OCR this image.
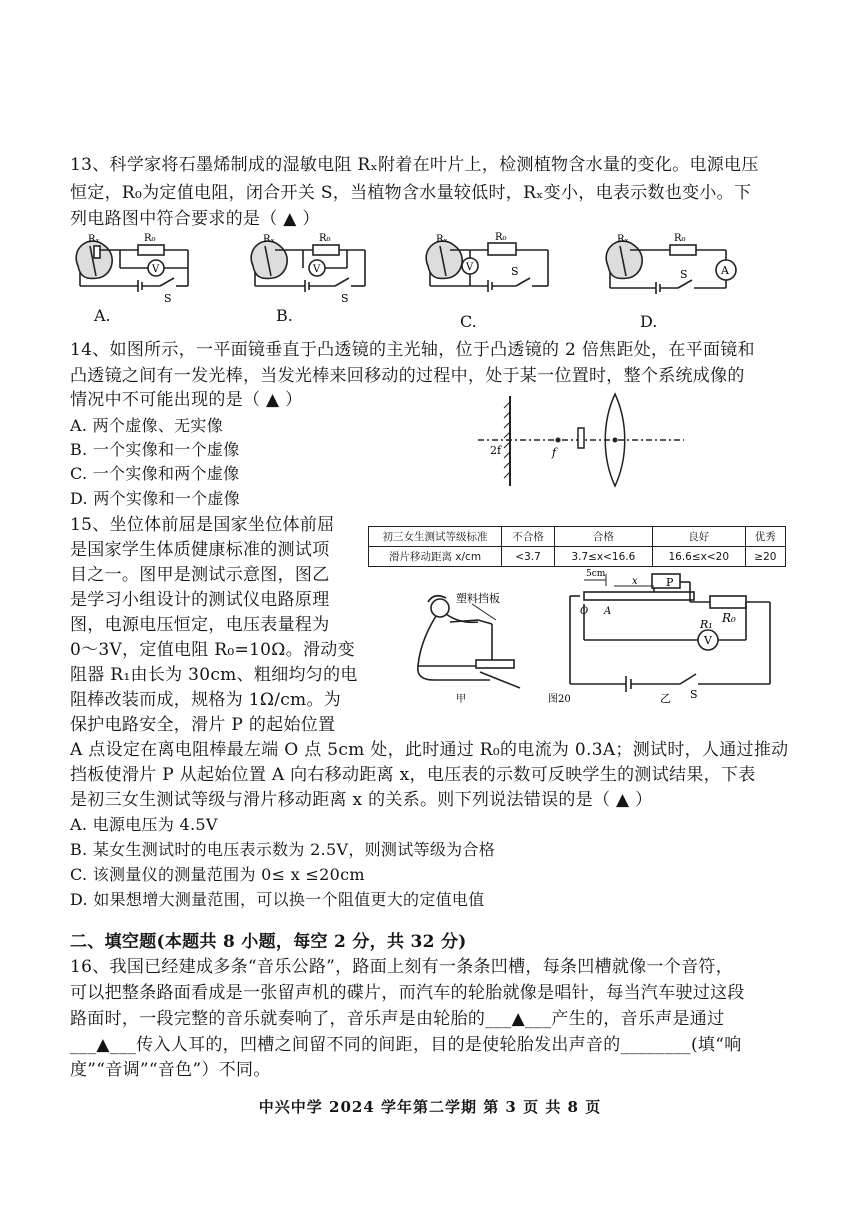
13、科学家将石墨烯制成的湿敏电阻 Rₓ附着在叶片上，检测植物含水量的变化。电源电压
恒定，R₀为定值电阻，闭合开关 S，当植物含水量较低时，Rₓ变小，电表示数也变小。下
列电路图中符合要求的是（ ▲ ）
Rₓ	R₀
V
S
Rₓ	R₀
V
S
Rₓ	R₀
V	S
Rₓ	R₀
A
S
A.	B.	C.	D.
14、如图所示，一平面镜垂直于凸透镜的主光轴，位于凸透镜的 2 倍焦距处，在平面镜和
凸透镜之间有一发光棒，当发光棒来回移动的过程中，处于某一位置时，整个系统成像的
情况中不可能出现的是（ ▲ ）
A. 两个虚像、无实像
B. 一个实像和一个虚像
C. 一个实像和两个虚像
D. 两个实像和一个虚像
2f	f
15、坐位体前屈是国家坐位体前屈
是国家学生体质健康标准的测试项
目之一。图甲是测试示意图，图乙
是学习小组设计的测试仪电路原理
图，电源电压恒定，电压表量程为
0～3V，定值电阻 R₀=10Ω。滑动变
阻器 R₁由长为 30cm、粗细均匀的电
阻棒改装而成，规格为 1Ω/cm。为
保护电路安全，滑片 P 的起始位置
初三女生测试等级标准	不合格	合格	良好	优秀
滑片移动距离 x/cm	<3.7	3.7≤x<16.6	16.6≤x<20	≥20
塑料挡板
甲	图20	乙
5cm
x
O A
P
R₀
R₁
V
S
A 点设定在离电阻棒最左端 O 点 5cm 处，此时通过 R₀的电流为 0.3A；测试时，人通过推动
挡板使滑片 P 从起始位置 A 向右移动距离 x，电压表的示数可反映学生的测试结果，下表
是初三女生测试等级与滑片移动距离 x 的关系。则下列说法错误的是（ ▲ ）
A. 电源电压为 4.5V
B. 某女生测试时的电压表示数为 2.5V，则测试等级为合格
C. 该测量仪的测量范围为 0≤ x ≤20cm
D. 如果想增大测量范围，可以换一个阻值更大的定值电值
二、填空题(本题共 8 小题，每空 2 分，共 32 分)
16、我国已经建成多条“音乐公路”，路面上刻有一条条凹槽，每条凹槽就像一个音符，
可以把整条路面看成是一张留声机的碟片，而汽车的轮胎就像是唱针，每当汽车驶过这段
路面时，一段完整的音乐就奏响了，音乐声是由轮胎的___▲___产生的，音乐声是通过
___▲___传入人耳的，凹槽之间留不同的间距，目的是使轮胎发出声音的________(填“响
度”“音调”“音色”）不同。
中兴中学 2024 学年第二学期 第 3 页 共 8 页
